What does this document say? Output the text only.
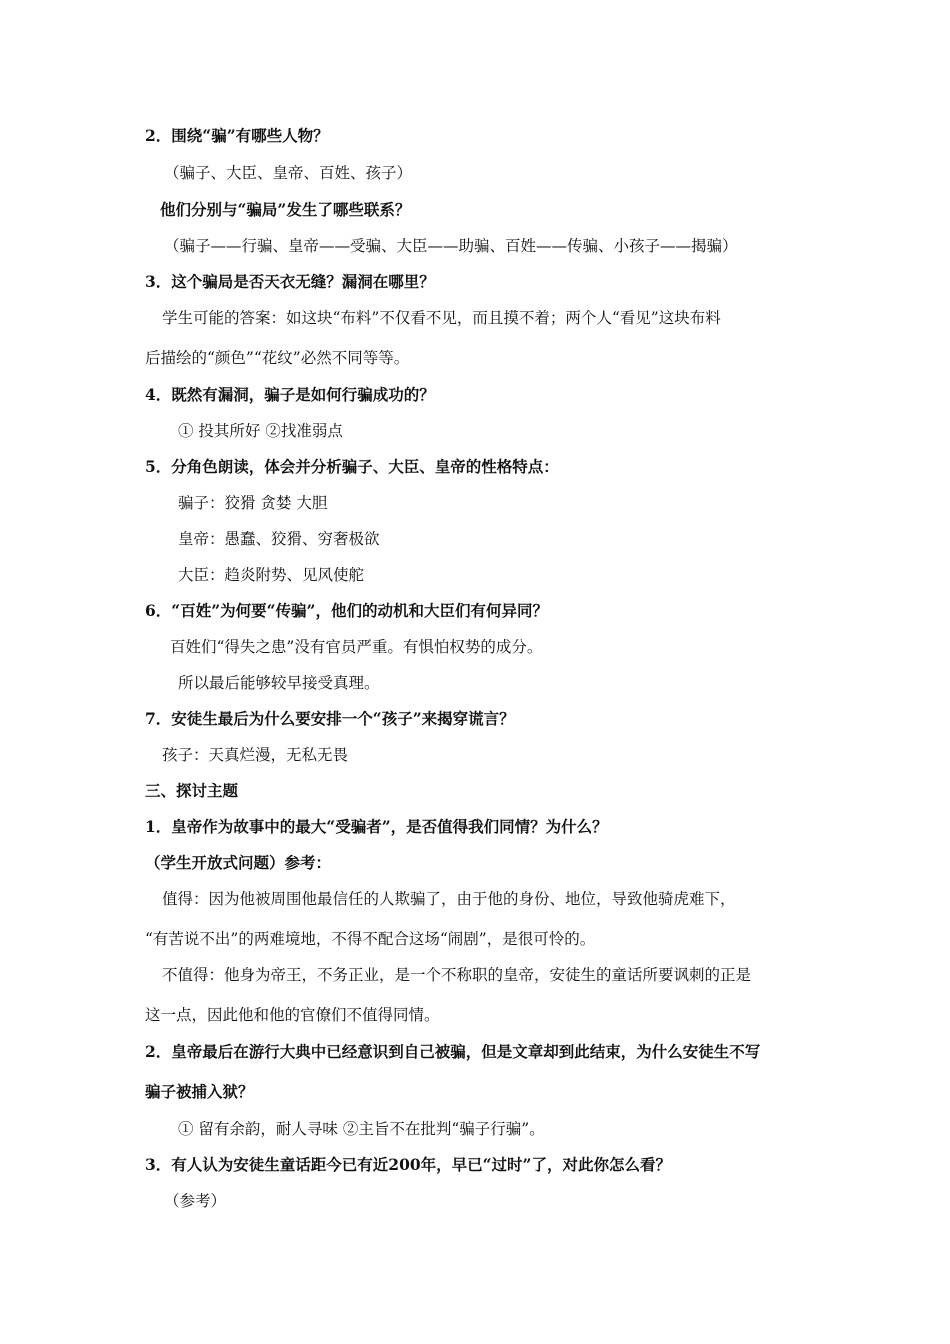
2．围绕“骗”有哪些人物？
（骗子、大臣、皇帝、百姓、孩子）
他们分别与“骗局”发生了哪些联系？
（骗子——行骗、皇帝——受骗、大臣——助骗、百姓——传骗、小孩子——揭骗）
3．这个骗局是否天衣无缝？漏洞在哪里？
学生可能的答案：如这块“布料”不仅看不见，而且摸不着；两个人“看见”这块布料
后描绘的“颜色”“花纹”必然不同等等。
4．既然有漏洞，骗子是如何行骗成功的？
① 投其所好 ②找准弱点
5．分角色朗读，体会并分析骗子、大臣、皇帝的性格特点：
骗子：狡猾 贪婪 大胆
皇帝：愚蠢、狡猾、穷奢极欲
大臣：趋炎附势、见风使舵
6．“百姓”为何要“传骗”，他们的动机和大臣们有何异同？
百姓们“得失之患”没有官员严重。有惧怕权势的成分。
所以最后能够较早接受真理。
7．安徒生最后为什么要安排一个“孩子”来揭穿谎言？
孩子：天真烂漫，无私无畏
三、探讨主题
1．皇帝作为故事中的最大“受骗者”，是否值得我们同情？为什么？
（学生开放式问题）参考：
值得：因为他被周围他最信任的人欺骗了，由于他的身份、地位，导致他骑虎难下，
“有苦说不出”的两难境地，不得不配合这场“闹剧”，是很可怜的。
不值得：他身为帝王，不务正业，是一个不称职的皇帝，安徒生的童话所要讽刺的正是
这一点，因此他和他的官僚们不值得同情。
2．皇帝最后在游行大典中已经意识到自己被骗，但是文章却到此结束，为什么安徒生不写
骗子被捕入狱？
① 留有余韵，耐人寻味 ②主旨不在批判“骗子行骗”。
3．有人认为安徒生童话距今已有近200年，早已“过时”了，对此你怎么看？
（参考）
